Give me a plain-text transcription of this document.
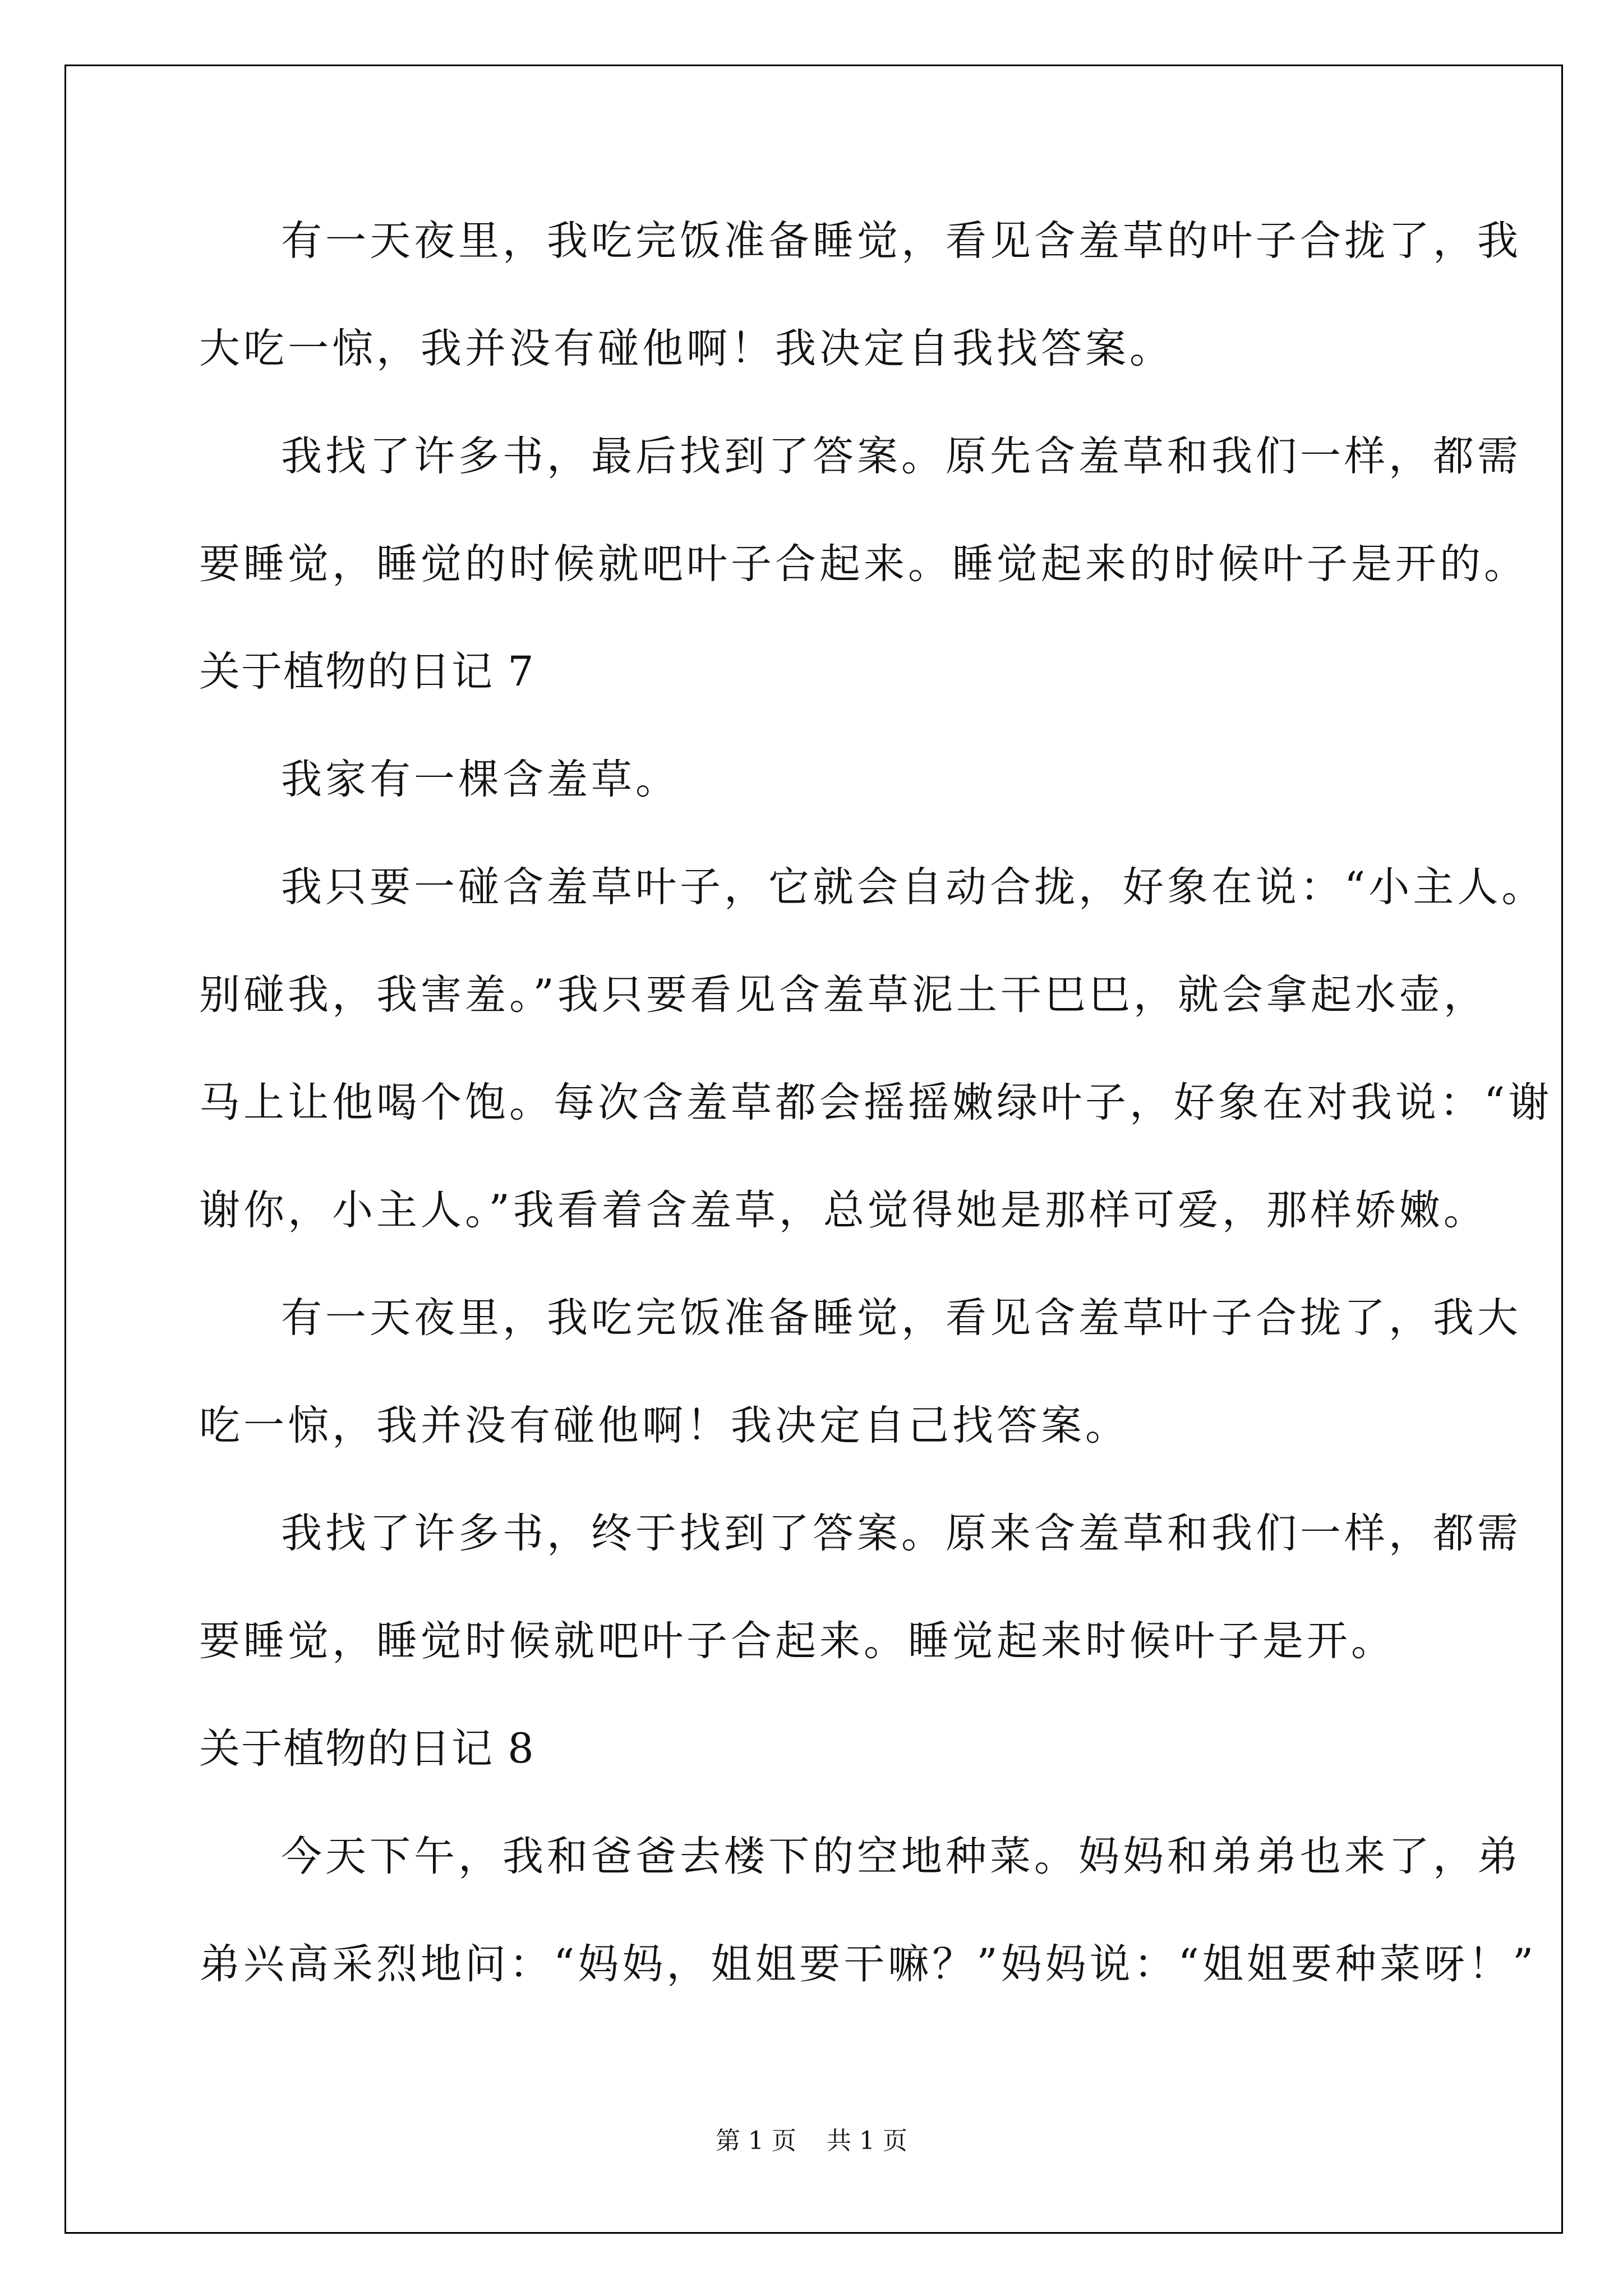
有一天夜里，我吃完饭准备睡觉，看见含羞草的叶子合拢了，我
大吃一惊，我并没有碰他啊！我决定自我找答案。
我找了许多书，最后找到了答案。原先含羞草和我们一样，都需
要睡觉，睡觉的时候就吧叶子合起来。睡觉起来的时候叶子是开的。
关于植物的日记 7
我家有一棵含羞草。
我只要一碰含羞草叶子，它就会自动合拢，好象在说：“小主人。
别碰我，我害羞。”我只要看见含羞草泥土干巴巴，就会拿起水壶，
马上让他喝个饱。每次含羞草都会摇摇嫩绿叶子，好象在对我说：“谢
谢你，小主人。”我看着含羞草，总觉得她是那样可爱，那样娇嫩。
有一天夜里，我吃完饭准备睡觉，看见含羞草叶子合拢了，我大
吃一惊，我并没有碰他啊！我决定自己找答案。
我找了许多书，终于找到了答案。原来含羞草和我们一样，都需
要睡觉，睡觉时候就吧叶子合起来。睡觉起来时候叶子是开。
关于植物的日记 8
今天下午，我和爸爸去楼下的空地种菜。妈妈和弟弟也来了，弟
弟兴高采烈地问：“妈妈，姐姐要干嘛？”妈妈说：“姐姐要种菜呀！”
第 1 页 共 1 页
